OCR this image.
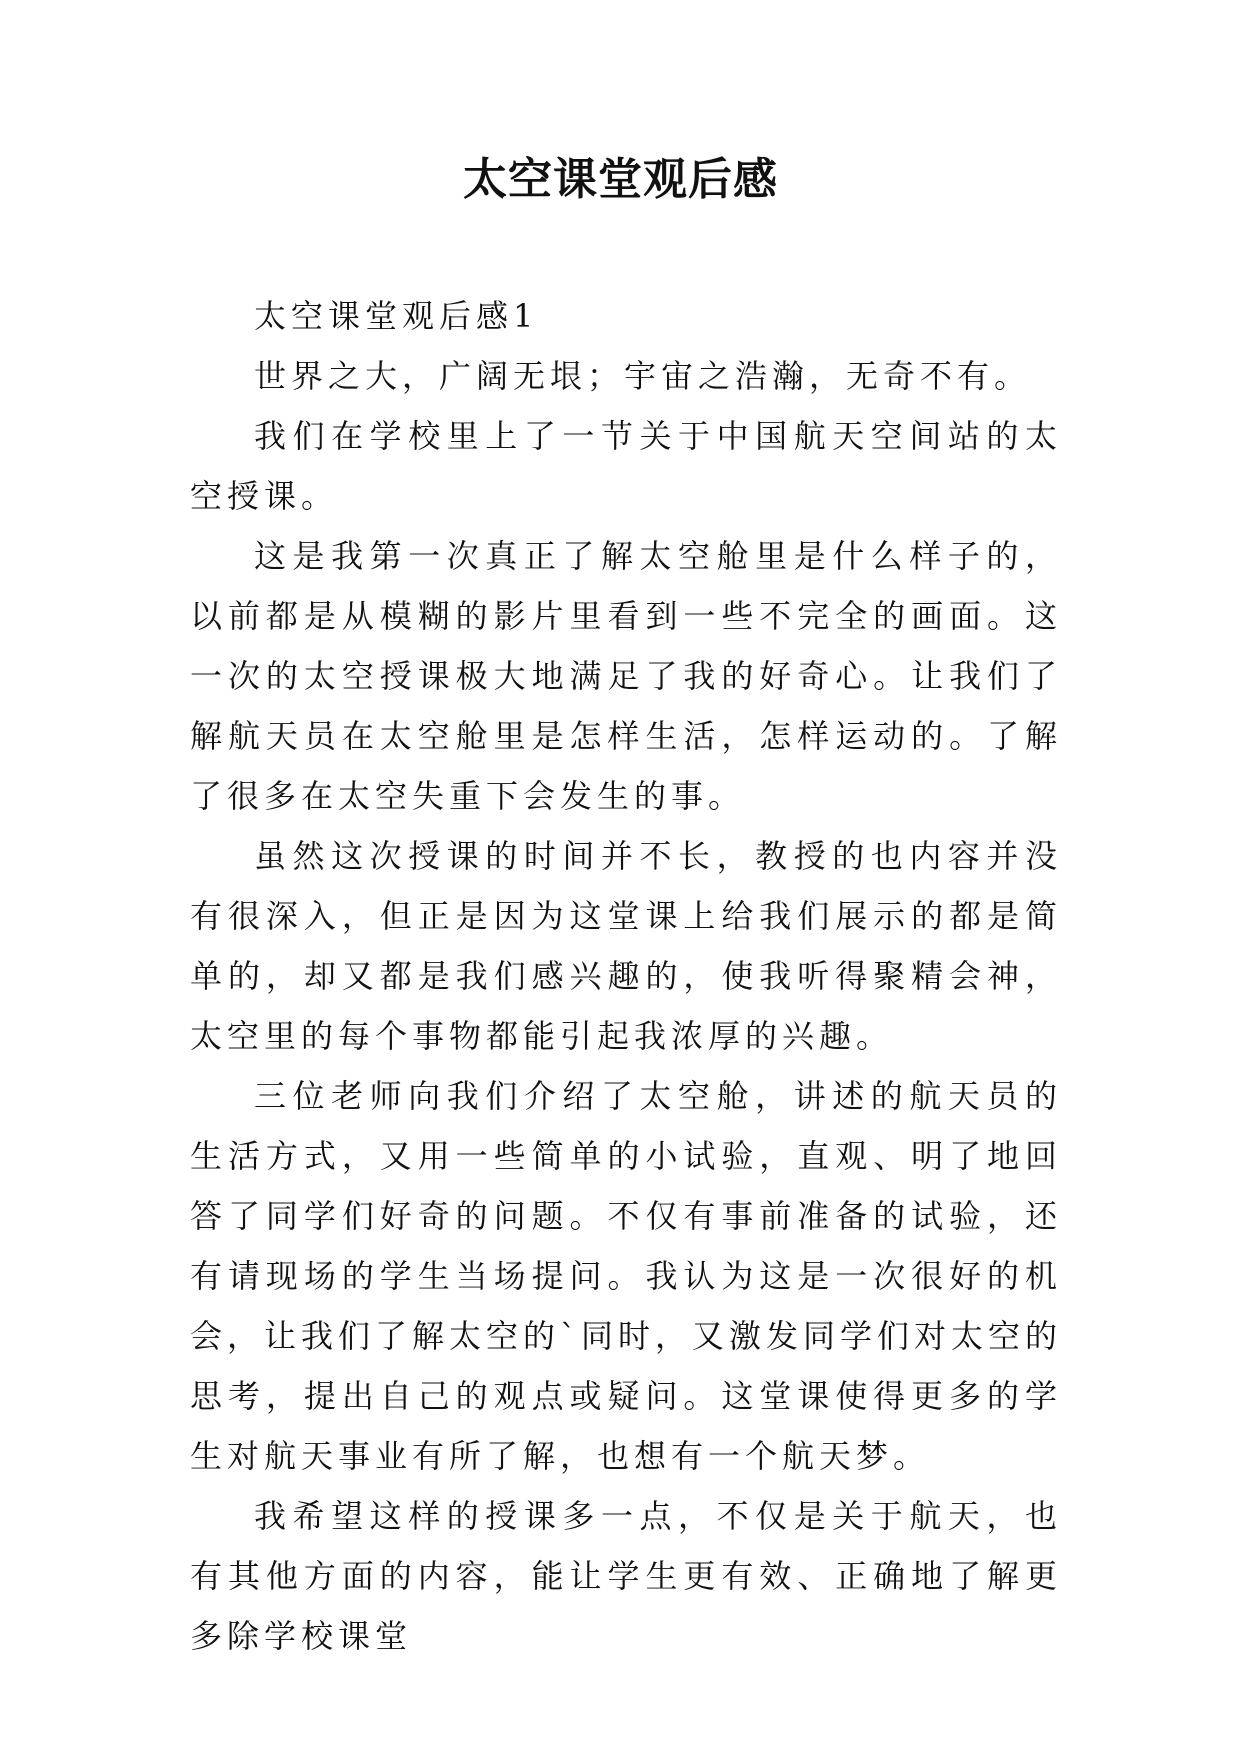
太空课堂观后感

太空课堂观后感1

世界之大，广阔无垠；宇宙之浩瀚，无奇不有。

我们在学校里上了一节关于中国航天空间站的太空授课。

这是我第一次真正了解太空舱里是什么样子的，以前都是从模糊的影片里看到一些不完全的画面。这一次的太空授课极大地满足了我的好奇心。让我们了解航天员在太空舱里是怎样生活，怎样运动的。了解了很多在太空失重下会发生的事。

虽然这次授课的时间并不长，教授的也内容并没有很深入，但正是因为这堂课上给我们展示的都是简单的，却又都是我们感兴趣的，使我听得聚精会神，太空里的每个事物都能引起我浓厚的兴趣。

三位老师向我们介绍了太空舱，讲述的航天员的生活方式，又用一些简单的小试验，直观、明了地回答了同学们好奇的问题。不仅有事前准备的试验，还有请现场的学生当场提问。我认为这是一次很好的机会，让我们了解太空的`同时，又激发同学们对太空的思考，提出自己的观点或疑问。这堂课使得更多的学生对航天事业有所了解，也想有一个航天梦。

我希望这样的授课多一点，不仅是关于航天，也有其他方面的内容，能让学生更有效、正确地了解更多除学校课堂
